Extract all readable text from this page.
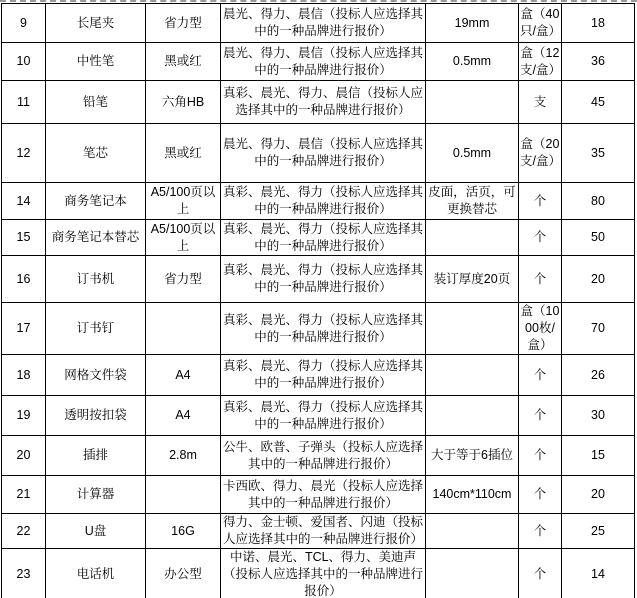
9	长尾夹	省力型	晨光、得力、晨信（投标人应选择其中的一种品牌进行报价）	19mm	盒（40只/盒）	18
10	中性笔	黑或红	晨光、得力、晨信（投标人应选择其中的一种品牌进行报价）	0.5mm	盒（12支/盒）	36
11	铅笔	六角HB	真彩、晨光、得力、晨信（投标人应选择其中的一种品牌进行报价）		支	45
12	笔芯	黑或红	晨光、得力、晨信（投标人应选择其中的一种品牌进行报价）	0.5mm	盒（20支/盒）	35
14	商务笔记本	A5/100页以上	真彩、晨光、得力（投标人应选择其中的一种品牌进行报价）	皮面，活页，可更换替芯	个	80
15	商务笔记本替芯	A5/100页以上	真彩、晨光、得力（投标人应选择其中的一种品牌进行报价）		个	50
16	订书机	省力型	真彩、晨光、得力（投标人应选择其中的一种品牌进行报价）	装订厚度20页	个	20
17	订书钉		真彩、晨光、得力（投标人应选择其中的一种品牌进行报价）		盒（1000枚/盒）	70
18	网格文件袋	A4	真彩、晨光、得力（投标人应选择其中的一种品牌进行报价）		个	26
19	透明按扣袋	A4	真彩、晨光、得力（投标人应选择其中的一种品牌进行报价）		个	30
20	插排	2.8m	公牛、欧普、子弹头（投标人应选择其中的一种品牌进行报价）	大于等于6插位	个	15
21	计算器		卡西欧、得力、晨光（投标人应选择其中的一种品牌进行报价）	140cm*110cm	个	20
22	U盘	16G	得力、金士顿、爱国者、闪迪（投标人应选择其中的一种品牌进行报价）		个	25
23	电话机	办公型	中诺、晨光、TCL、得力、美迪声（投标人应选择其中的一种品牌进行报价）		个	14
